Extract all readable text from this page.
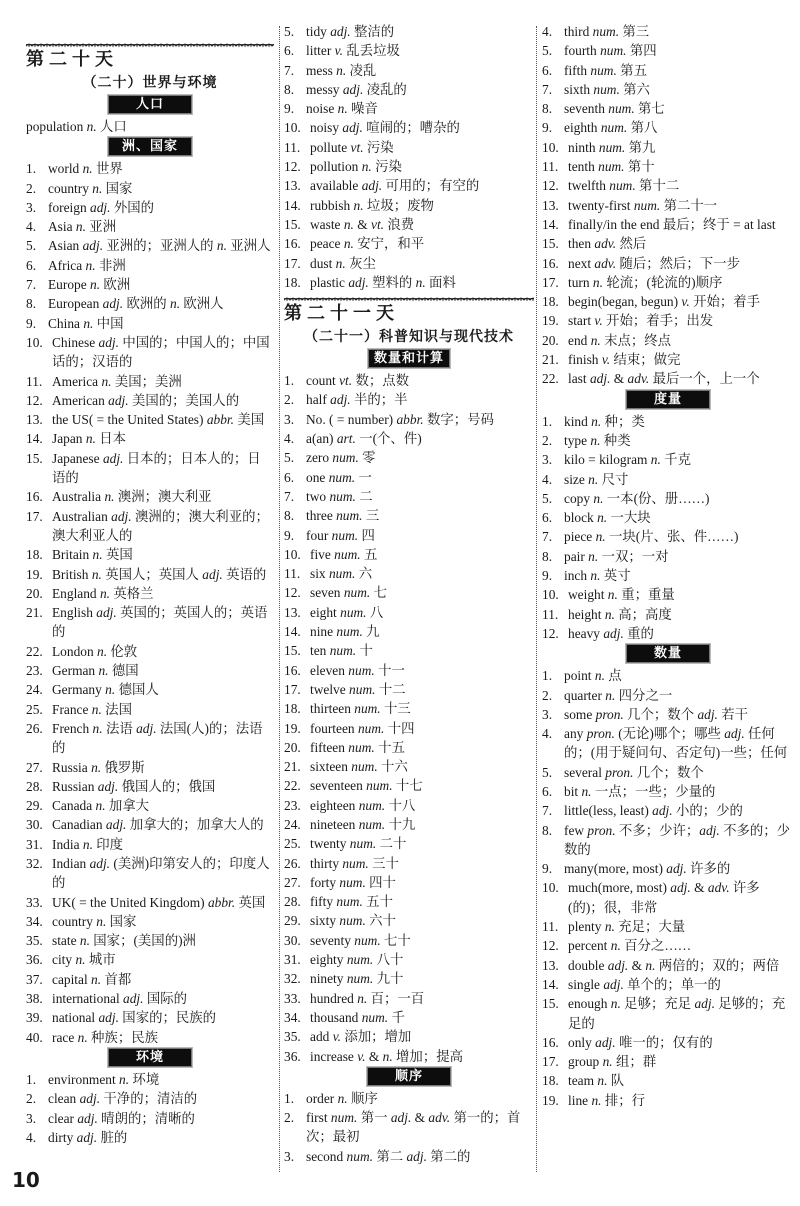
第二十天
（二十）世界与环境
人口
population n. 人口
洲、国家
1. world n. 世界
2. country n. 国家
3. foreign adj. 外国的
4. Asia n. 亚洲
5. Asian adj. 亚洲的；亚洲人的 n. 亚洲人
6. Africa n. 非洲
7. Europe n. 欧洲
8. European adj. 欧洲的 n. 欧洲人
9. China n. 中国
10. Chinese adj. 中国的；中国人的；中国话的；汉语的
11. America n. 美国；美洲
12. American adj. 美国的；美国人的
13. the US( = the United States) abbr. 美国
14. Japan n. 日本
15. Japanese adj. 日本的；日本人的；日语的
16. Australia n. 澳洲；澳大利亚
17. Australian adj. 澳洲的；澳大利亚的；澳大利亚人的
18. Britain n. 英国
19. British n. 英国人；英国人 adj. 英语的
20. England n. 英格兰
21. English adj. 英国的；英国人的；英语的
22. London n. 伦敦
23. German n. 德国
24. Germany n. 德国人
25. France n. 法国
26. French n. 法语 adj. 法国(人)的；法语的
27. Russia n. 俄罗斯
28. Russian adj. 俄国人的；俄国
29. Canada n. 加拿大
30. Canadian adj. 加拿大的；加拿大人的
31. India n. 印度
32. Indian adj. (美洲)印第安人的；印度人的
33. UK( = the United Kingdom) abbr. 英国
34. country n. 国家
35. state n. 国家；(美国的)洲
36. city n. 城市
37. capital n. 首都
38. international adj. 国际的
39. national adj. 国家的；民族的
40. race n. 种族；民族
环境
1. environment n. 环境
2. clean adj. 干净的；清洁的
3. clear adj. 晴朗的；清晰的
4. dirty adj. 脏的
5. tidy adj. 整洁的
6. litter v. 乱丢垃圾
7. mess n. 凌乱
8. messy adj. 凌乱的
9. noise n. 噪音
10. noisy adj. 喧闹的；嘈杂的
11. pollute vt. 污染
12. pollution n. 污染
13. available adj. 可用的；有空的
14. rubbish n. 垃圾；废物
15. waste n. & vt. 浪费
16. peace n. 安宁，和平
17. dust n. 灰尘
18. plastic adj. 塑料的 n. 面料
第二十一天
（二十一）科普知识与现代技术
数量和计算
1. count vt. 数；点数
2. half adj. 半的；半
3. No. ( = number) abbr. 数字；号码
4. a(an) art. 一(个、件)
5. zero num. 零
6. one num. 一
7. two num. 二
8. three num. 三
9. four num. 四
10. five num. 五
11. six num. 六
12. seven num. 七
13. eight num. 八
14. nine num. 九
15. ten num. 十
16. eleven num. 十一
17. twelve num. 十二
18. thirteen num. 十三
19. fourteen num. 十四
20. fifteen num. 十五
21. sixteen num. 十六
22. seventeen num. 十七
23. eighteen num. 十八
24. nineteen num. 十九
25. twenty num. 二十
26. thirty num. 三十
27. forty num. 四十
28. fifty num. 五十
29. sixty num. 六十
30. seventy num. 七十
31. eighty num. 八十
32. ninety num. 九十
33. hundred n. 百；一百
34. thousand num. 千
35. add v. 添加；增加
36. increase v. & n. 增加；提高
顺序
1. order n. 顺序
2. first num. 第一 adj. & adv. 第一的；首次；最初
3. second num. 第二 adj. 第二的
4. third num. 第三
5. fourth num. 第四
6. fifth num. 第五
7. sixth num. 第六
8. seventh num. 第七
9. eighth num. 第八
10. ninth num. 第九
11. tenth num. 第十
12. twelfth num. 第十二
13. twenty-first num. 第二十一
14. finally/in the end 最后；终于 = at last
15. then adv. 然后
16. next adv. 随后；然后；下一步
17. turn n. 轮流；(轮流的)顺序
18. begin(began, begun) v. 开始；着手
19. start v. 开始；着手；出发
20. end n. 末点；终点
21. finish v. 结束；做完
22. last adj. & adv. 最后一个，上一个
度量
1. kind n. 种；类
2. type n. 种类
3. kilo = kilogram n. 千克
4. size n. 尺寸
5. copy n. 一本(份、册……)
6. block n. 一大块
7. piece n. 一块(片、张、件……)
8. pair n. 一双；一对
9. inch n. 英寸
10. weight n. 重；重量
11. height n. 高；高度
12. heavy adj. 重的
数量
1. point n. 点
2. quarter n. 四分之一
3. some pron. 几个；数个 adj. 若干
4. any pron. (无论)哪个；哪些 adj. 任何的；(用于疑问句、否定句)一些；任何
5. several pron. 几个；数个
6. bit n. 一点；一些；少量的
7. little(less, least) adj. 小的；少的
8. few pron. 不多；少许；adj. 不多的；少数的
9. many(more, most) adj. 许多的
10. much(more, most) adj. & adv. 许多(的)；很，非常
11. plenty n. 充足；大量
12. percent n. 百分之……
13. double adj. & n. 两倍的；双的；两倍
14. single adj. 单个的；单一的
15. enough n. 足够；充足 adj. 足够的；充足的
16. only adj. 唯一的；仅有的
17. group n. 组；群
18. team n. 队
19. line n. 排；行
10
